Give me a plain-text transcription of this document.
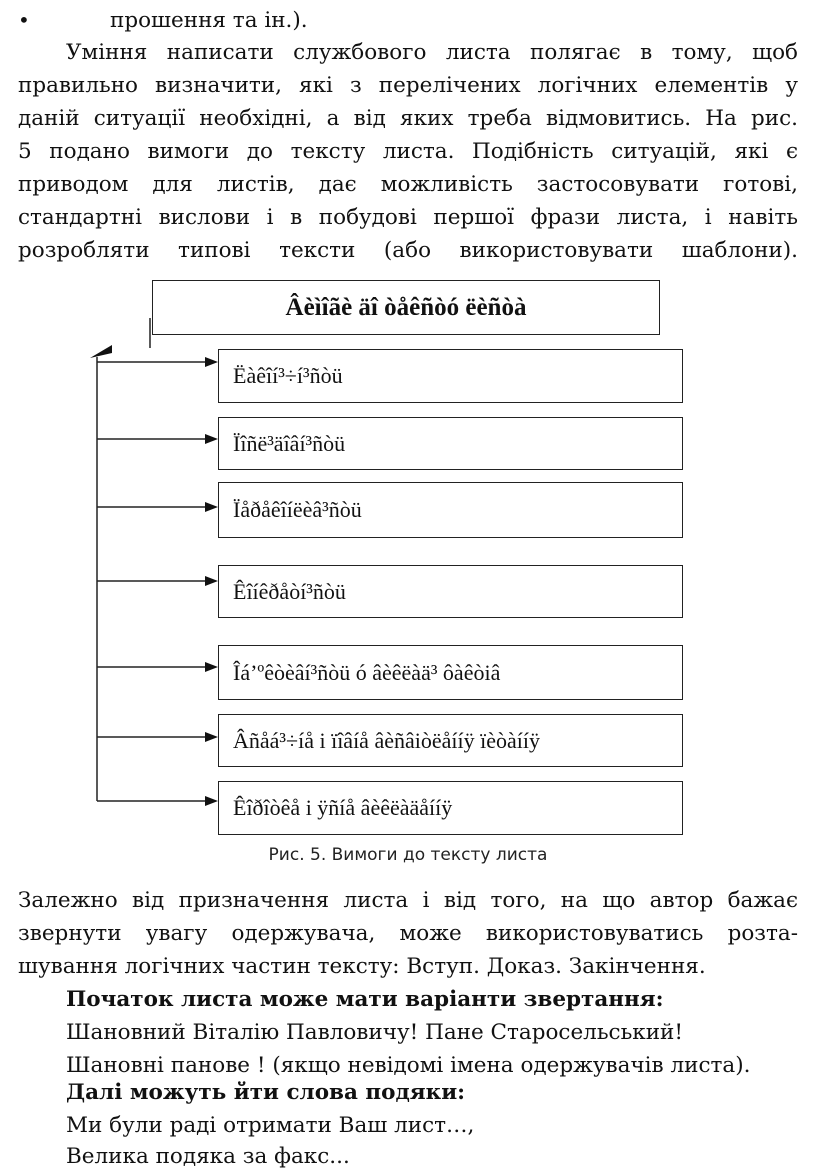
•	прошення та ін.).
Уміння написати службового листа полягає в тому, щоб
правильно визначити, які з перелічених логічних елементів у
даній ситуації необхідні, а від яких треба відмовитись. На рис.
5 подано вимоги до тексту листа. Подібність ситуацій, які є
приводом для листів, дає можливість застосовувати готові,
стандартні вислови і в побудові першої фрази листа, і навіть
розробляти типові тексти (або використовувати шаблони).
Âèìîãè äî òåêñòó ëèñòà
Ëàêîí³÷í³ñòü
Ïîñë³äîâí³ñòü
Ïåðåêîíëèâ³ñòü
Êîíêðåòí³ñòü
Îá’ºêòèâí³ñòü ó âèêëàä³ ôàêòiâ
Âñåá³÷íå і ïîâíå âèñâiòëåííÿ ïèòàííÿ
Êîðîòêå і ÿñíå âèêëàäåííÿ
Рис. 5. Вимоги до тексту листа
Залежно від призначення листа і від того, на що автор бажає
звернути увагу одержувача, може використовуватись розта-
шування логічних частин тексту: Вступ. Доказ. Закінчення.
Початок листа може мати варіанти звертання:
Шановний Віталію Павловичу! Пане Старосельський!
Шановні панове ! (якщо невідомі імена одержувачів листа).
Далі можуть йти слова подяки:
Ми були раді отримати Ваш лист…,
Велика подяка за факс...
